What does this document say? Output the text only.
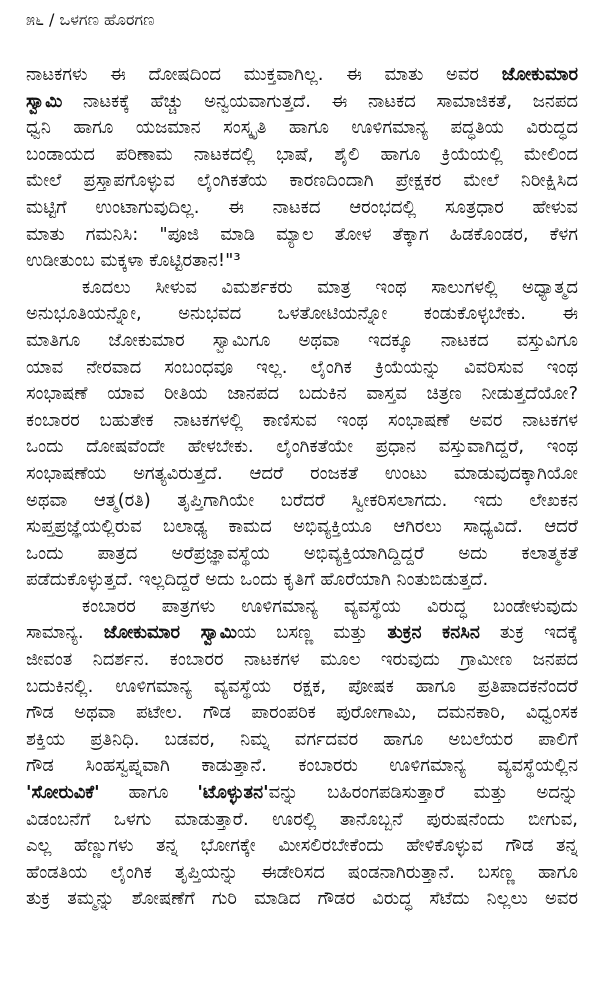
೫೬ / ಒಳಗಣ ಹೊರಗಣ
ನಾಟಕಗಳು ಈ ದೋಷದಿಂದ ಮುಕ್ತವಾಗಿಲ್ಲ. ಈ ಮಾತು ಅವರ ಜೋಕುಮಾರ
ಸ್ವಾಮಿ ನಾಟಕಕ್ಕೆ ಹೆಚ್ಚು ಅನ್ವಯವಾಗುತ್ತದೆ. ಈ ನಾಟಕದ ಸಾಮಾಜಿಕತೆ, ಜನಪದ
ಧ್ವನಿ ಹಾಗೂ ಯಜಮಾನ ಸಂಸ್ಕೃತಿ ಹಾಗೂ ಊಳಿಗಮಾನ್ಯ ಪದ್ಧತಿಯ ವಿರುದ್ಧದ
ಬಂಡಾಯದ ಪರಿಣಾಮ ನಾಟಕದಲ್ಲಿ ಭಾಷೆ, ಶೈಲಿ ಹಾಗೂ ಕ್ರಿಯೆಯಲ್ಲಿ ಮೇಲಿಂದ
ಮೇಲೆ ಪ್ರಸ್ತಾಪಗೊಳ್ಳುವ ಲೈಂಗಿಕತೆಯ ಕಾರಣದಿಂದಾಗಿ ಪ್ರೇಕ್ಷಕರ ಮೇಲೆ ನಿರೀಕ್ಷಿಸಿದ
ಮಟ್ಟಿಗೆ ಉಂಟಾಗುವುದಿಲ್ಲ. ಈ ನಾಟಕದ ಆರಂಭದಲ್ಲಿ ಸೂತ್ರಧಾರ ಹೇಳುವ
ಮಾತು ಗಮನಿಸಿ: "ಪೂಜಿ ಮಾಡಿ ಮ್ಯಾಲ ತೋಳ ತೆಕ್ಕಾಗ ಹಿಡಕೊಂಡರ, ಕೆಳಗ
ಉಡೀತುಂಬ ಮಕ್ಕಳಾ ಕೊಟ್ಟಿರತಾನ!"³
ಕೂದಲು ಸೀಳುವ ವಿಮರ್ಶಕರು ಮಾತ್ರ ಇಂಥ ಸಾಲುಗಳಲ್ಲಿ ಅಧ್ಯಾತ್ಮದ
ಅನುಭೂತಿಯನ್ನೋ, ಅನುಭವದ ಒಳತೋಟಿಯನ್ನೋ ಕಂಡುಕೊಳ್ಳಬೇಕು. ಈ
ಮಾತಿಗೂ ಜೋಕುಮಾರ ಸ್ವಾಮಿಗೂ ಅಥವಾ ಇದಕ್ಕೂ ನಾಟಕದ ವಸ್ತುವಿಗೂ
ಯಾವ ನೇರವಾದ ಸಂಬಂಧವೂ ಇಲ್ಲ. ಲೈಂಗಿಕ ಕ್ರಿಯೆಯನ್ನು ವಿವರಿಸುವ ಇಂಥ
ಸಂಭಾಷಣೆ ಯಾವ ರೀತಿಯ ಜಾನಪದ ಬದುಕಿನ ವಾಸ್ತವ ಚಿತ್ರಣ ನೀಡುತ್ತದೆಯೋ?
ಕಂಬಾರರ ಬಹುತೇಕ ನಾಟಕಗಳಲ್ಲಿ ಕಾಣಿಸುವ ಇಂಥ ಸಂಭಾಷಣೆ ಅವರ ನಾಟಕಗಳ
ಒಂದು ದೋಷವೆಂದೇ ಹೇಳಬೇಕು. ಲೈಂಗಿಕತೆಯೇ ಪ್ರಧಾನ ವಸ್ತುವಾಗಿದ್ದರೆ, ಇಂಥ
ಸಂಭಾಷಣೆಯ ಅಗತ್ಯವಿರುತ್ತದೆ. ಆದರೆ ರಂಜಕತೆ ಉಂಟು ಮಾಡುವುದಕ್ಕಾಗಿಯೋ
ಅಥವಾ ಆತ್ಮ(ರತಿ) ತೃಪ್ತಿಗಾಗಿಯೇ ಬರೆದರೆ ಸ್ವೀಕರಿಸಲಾಗದು. ಇದು ಲೇಖಕನ
ಸುಪ್ತಪ್ರಜ್ಞೆಯಲ್ಲಿರುವ ಬಲಾಢ್ಯ ಕಾಮದ ಅಭಿವ್ಯಕ್ತಿಯೂ ಆಗಿರಲು ಸಾಧ್ಯವಿದೆ. ಆದರೆ
ಒಂದು ಪಾತ್ರದ ಅರೆಪ್ರಜ್ಞಾವಸ್ಥೆಯ ಅಭಿವ್ಯಕ್ತಿಯಾಗಿದ್ದಿದ್ದರೆ ಅದು ಕಲಾತ್ಮಕತೆ
ಪಡೆದುಕೊಳ್ಳುತ್ತದೆ. ಇಲ್ಲದಿದ್ದರೆ ಅದು ಒಂದು ಕೃತಿಗೆ ಹೊರೆಯಾಗಿ ನಿಂತುಬಿಡುತ್ತದೆ.
ಕಂಬಾರರ ಪಾತ್ರಗಳು ಊಳಿಗಮಾನ್ಯ ವ್ಯವಸ್ಥೆಯ ವಿರುದ್ಧ ಬಂಡೇಳುವುದು
ಸಾಮಾನ್ಯ. ಜೋಕುಮಾರ ಸ್ವಾಮಿಯ ಬಸಣ್ಣ ಮತ್ತು ತುಕ್ರನ ಕನಸಿನ ತುಕ್ರ ಇದಕ್ಕೆ
ಜೀವಂತ ನಿದರ್ಶನ. ಕಂಬಾರರ ನಾಟಕಗಳ ಮೂಲ ಇರುವುದು ಗ್ರಾಮೀಣ ಜನಪದ
ಬದುಕಿನಲ್ಲಿ. ಊಳಿಗಮಾನ್ಯ ವ್ಯವಸ್ಥೆಯ ರಕ್ಷಕ, ಪೋಷಕ ಹಾಗೂ ಪ್ರತಿಪಾದಕನೆಂದರೆ
ಗೌಡ ಅಥವಾ ಪಟೇಲ. ಗೌಡ ಪಾರಂಪರಿಕ ಪುರೋಗಾಮಿ, ದಮನಕಾರಿ, ವಿಧ್ವಂಸಕ
ಶಕ್ತಿಯ ಪ್ರತಿನಿಧಿ. ಬಡವರ, ನಿಮ್ನ ವರ್ಗದವರ ಹಾಗೂ ಅಬಲೆಯರ ಪಾಲಿಗೆ
ಗೌಡ ಸಿಂಹಸ್ವಪ್ನವಾಗಿ ಕಾಡುತ್ತಾನೆ. ಕಂಬಾರರು ಊಳಿಗಮಾನ್ಯ ವ್ಯವಸ್ಥೆಯಲ್ಲಿನ
'ಸೋರುವಿಕೆ' ಹಾಗೂ 'ಟೊಳ್ಳುತನ'ವನ್ನು ಬಹಿರಂಗಪಡಿಸುತ್ತಾರೆ ಮತ್ತು ಅದನ್ನು
ವಿಡಂಬನೆಗೆ ಒಳಗು ಮಾಡುತ್ತಾರೆ. ಊರಲ್ಲಿ ತಾನೊಬ್ಬನೆ ಪುರುಷನೆಂದು ಬೀಗುವ,
ಎಲ್ಲ ಹೆಣ್ಣುಗಳು ತನ್ನ ಭೋಗಕ್ಕೇ ಮೀಸಲಿರಬೇಕೆಂದು ಹೇಳಿಕೊಳ್ಳುವ ಗೌಡ ತನ್ನ
ಹೆಂಡತಿಯ ಲೈಂಗಿಕ ತೃಪ್ತಿಯನ್ನು ಈಡೇರಿಸದ ಷಂಡನಾಗಿರುತ್ತಾನೆ. ಬಸಣ್ಣ ಹಾಗೂ
ತುಕ್ರ ತಮ್ಮನ್ನು ಶೋಷಣೆಗೆ ಗುರಿ ಮಾಡಿದ ಗೌಡರ ವಿರುದ್ಧ ಸೆಟೆದು ನಿಲ್ಲಲು ಅವರ
